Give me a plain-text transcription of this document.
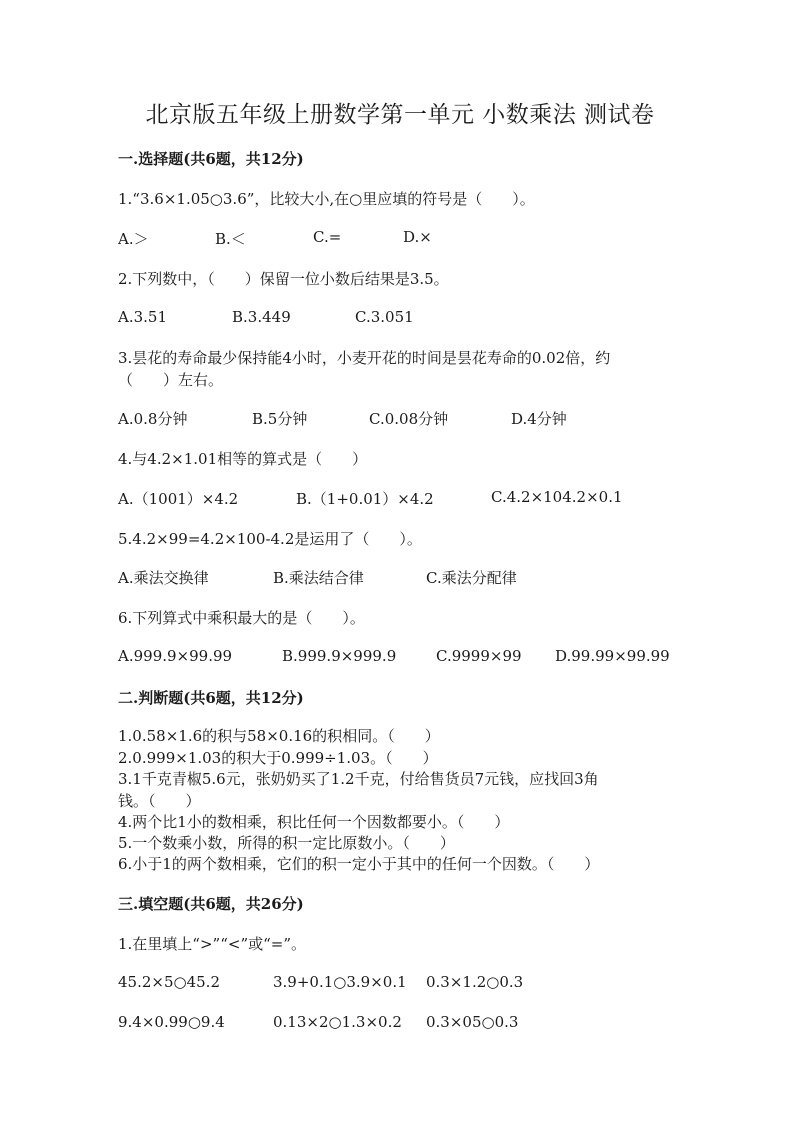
北京版五年级上册数学第一单元 小数乘法 测试卷
一.选择题(共6题，共12分)
1.“3.6×1.05○3.6”，比较大小,在○里应填的符号是（　　）。
A.＞	B.＜	C.=	D.×
2.下列数中，（　　）保留一位小数后结果是3.5。
A.3.51	B.3.449	C.3.051
3.昙花的寿命最少保持能4小时，小麦开花的时间是昙花寿命的0.02倍，约
（　　）左右。
A.0.8分钟	B.5分钟	C.0.08分钟	D.4分钟
4.与4.2×1.01相等的算式是（　　）
A.（1001）×4.2	B.（1+0.01）×4.2	C.4.2×104.2×0.1
5.4.2×99=4.2×100-4.2是运用了（　　）。
A.乘法交换律	B.乘法结合律	C.乘法分配律
6.下列算式中乘积最大的是（　　）。
A.999.9×99.99	B.999.9×999.9	C.9999×99 D.99.99×99.99
二.判断题(共6题，共12分)
1.0.58×1.6的积与58×0.16的积相同。（　　）
2.0.999×1.03的积大于0.999÷1.03。（　　）
3.1千克青椒5.6元，张奶奶买了1.2千克，付给售货员7元钱，应找回3角
钱。（　　）
4.两个比1小的数相乘，积比任何一个因数都要小。（　　）
5.一个数乘小数，所得的积一定比原数小。（　　）
6.小于1的两个数相乘，它们的积一定小于其中的任何一个因数。（　　）
三.填空题(共6题，共26分)
1.在里填上“>”“<”或“=”。
45.2×5○45.2	3.9+0.1○3.9×0.1 0.3×1.2○0.3
9.4×0.99○9.4	0.13×2○1.3×0.2 0.3×05○0.3
